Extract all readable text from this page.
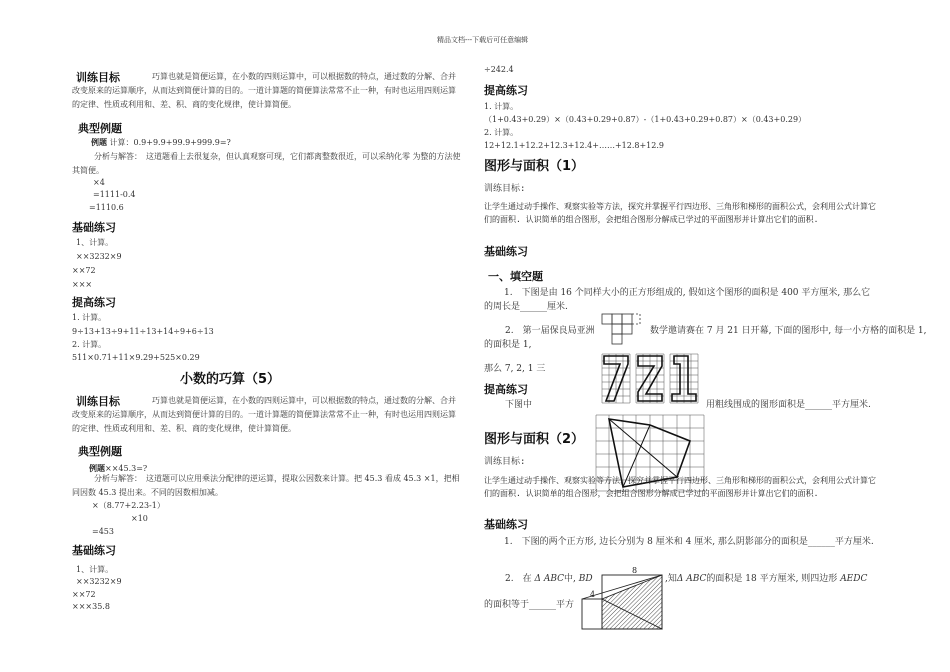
精品文档---下载后可任意编辑
训练目标	巧算也就是简便运算，在小数的四则运算中，可以根据数的特点，通过数的分解、合并改变原来的运算顺序，从而达到简便计算的目的。一道计算题的简便算法常常不止一种，有时也运用四则运算的定律、性质或利用和、差、积、商的变化规律，使计算简便。
典型例题
例题 计算：0.9+9.9+99.9+999.9=?
分析与解答：　这道题看上去很复杂，但认真观察可现，它们都离整数很近，可以采纳化零 为整的方法使其简便。
×4
=1111-0.4
=1110.6
基础练习
1、计算。
××3232×9
××72
×××
提高练习
1. 计算。
9÷13+13÷9+11÷13+14÷9+6÷13
2. 计算。
511×0.71+11×9.29+525×0.29
小数的巧算（5）
训练目标	巧算也就是简便运算，在小数的四则运算中，可以根据数的特点，通过数的分解、合并改变原来的运算顺序，从而达到简便计算的目的。一道计算题的简便算法常常不止一种，有时也运用四则运算的定律、性质或利用和、差、积、商的变化规律，使计算简便。
典型例题
例题××45.3=?
分析与解答：　这道题可以应用乘法分配律的逆运算，提取公因数来计算。把 45.3 看成 45.3 ×1，把相同因数 45.3 提出来。不同的因数相加减。
×（8.77+2.23-1）
×10
=453
基础练习
1、计算。
××3232×9
××72
×××35.8
÷242.4
提高练习
1. 计算。
（1+0.43+0.29）×（0.43+0.29+0.87）-（1+0.43+0.29+0.87）×（0.43+0.29）
2. 计算。
12+12.1+12.2+12.3+12.4+……+12.8+12.9
图形与面积（1）
训练目标:
让学生通过动手操作、观察实验等方法，探究并掌握平行四边形、三角形和梯形的面积公式，会利用公式计算它们的面积. 认识简单的组合图形，会把组合图形分解成已学过的平面图形并计算出它们的面积.
基础练习
一、填空题
1.　下图是由 16 个同样大小的正方形组成的, 假如这个图形的面积是 400 平方厘米, 那么它的周长是______厘米.
2.　第一届保良局亚洲	数学邀请赛在 7 月 21 日开幕, 下面的图形中, 每一小方格的面积是 1,
的面积是 1,
那么 7, 2, 1 三
提高练习
下图中	用粗线围成的图形面积是______平方厘米.
图形与面积（2）
训练目标:
让学生通过动手操作、观察实验等方法，探究并掌握平行四边形、三角形和梯形的面积公式，会利用公式计算它们的面积. 认识简单的组合图形，会把组合图形分解成已学过的平面图形并计算出它们的面积.
基础练习
1.　下图的两个正方形, 边长分别为 8 厘米和 4 厘米, 那么阴影部分的面积是______平方厘米.
2.　在 Δ ABC中, BD	,知Δ ABC的面积是 18 平方厘米, 则四边形 AEDC
的面积等于______平方
8
4
